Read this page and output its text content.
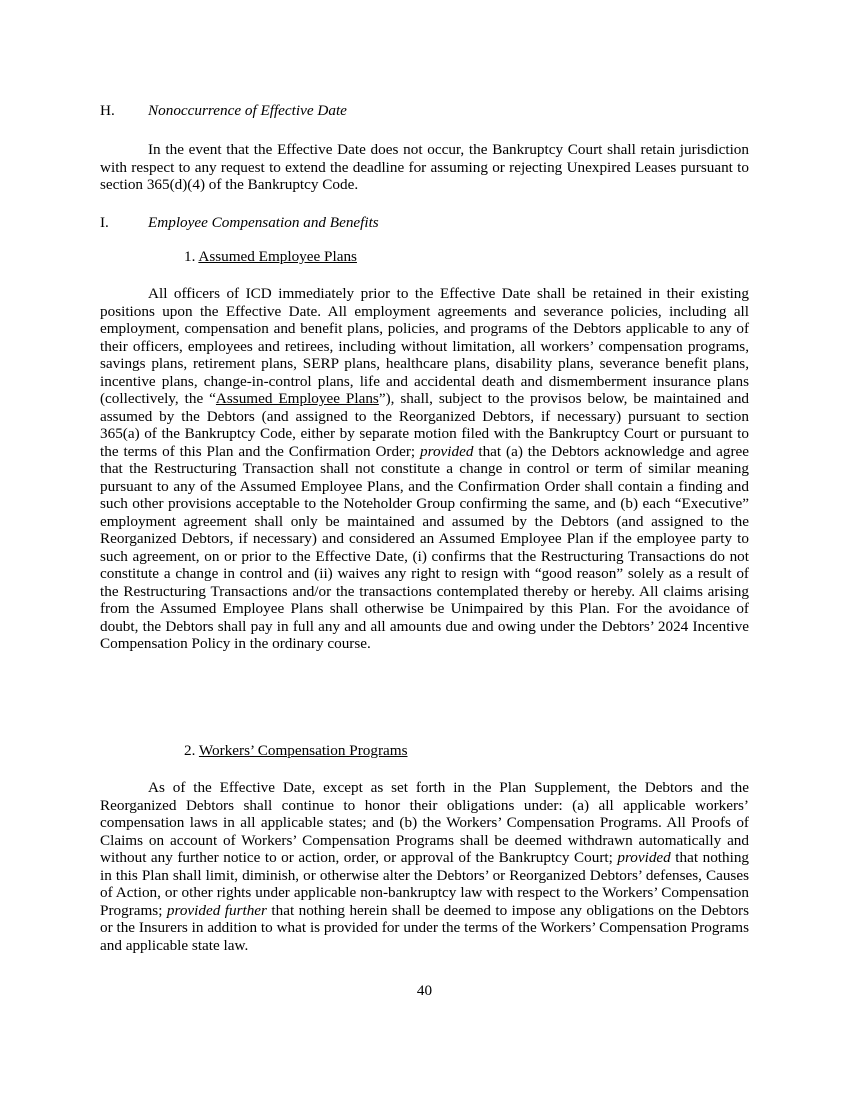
H. Nonoccurrence of Effective Date

In the event that the Effective Date does not occur, the Bankruptcy Court shall retain jurisdiction with respect to any request to extend the deadline for assuming or rejecting Unexpired Leases pursuant to section 365(d)(4) of the Bankruptcy Code.

I.	Employee Compensation and Benefits
1. Assumed Employee Plans

All officers of ICD immediately prior to the Effective Date shall be retained in their existing positions upon the Effective Date. All employment agreements and severance policies, including all employment, compensation and benefit plans, policies, and programs of the Debtors applicable to any of their officers, employees and retirees, including without limitation, all workers’ compensation programs, savings plans, retirement plans, SERP plans, healthcare plans, disability plans, severance benefit plans, incentive plans, change-in-control plans, life and accidental death and dismemberment insurance plans (collectively, the “Assumed Employee Plans”), shall, subject to the provisos below, be maintained and assumed by the Debtors (and assigned to the Reorganized Debtors, if necessary) pursuant to section 365(a) of the Bankruptcy Code, either by separate motion filed with the Bankruptcy Court or pursuant to the terms of this Plan and the Confirmation Order; provided that (a) the Debtors acknowledge and agree that the Restructuring Transaction shall not constitute a change in control or term of similar meaning pursuant to any of the Assumed Employee Plans, and the Confirmation Order shall contain a finding and such other provisions acceptable to the Noteholder Group confirming the same, and (b) each “Executive” employment agreement shall only be maintained and assumed by the Debtors (and assigned to the Reorganized Debtors, if necessary) and considered an Assumed Employee Plan if the employee party to such agreement, on or prior to the Effective Date, (i) confirms that the Restructuring Transactions do not constitute a change in control and (ii) waives any right to resign with “good reason” solely as a result of the Restructuring Transactions and/or the transactions contemplated thereby or hereby. All claims arising from the Assumed Employee Plans shall otherwise be Unimpaired by this Plan. For the avoidance of doubt, the Debtors shall pay in full any and all amounts due and owing under the Debtors’ 2024 Incentive Compensation Policy in the ordinary course.

2. Workers’ Compensation Programs

As of the Effective Date, except as set forth in the Plan Supplement, the Debtors and the Reorganized Debtors shall continue to honor their obligations under: (a) all applicable workers’ compensation laws in all applicable states; and (b) the Workers’ Compensation Programs. All Proofs of Claims on account of Workers’ Compensation Programs shall be deemed withdrawn automatically and without any further notice to or action, order, or approval of the Bankruptcy Court; provided that nothing in this Plan shall limit, diminish, or otherwise alter the Debtors’ or Reorganized Debtors’ defenses, Causes of Action, or other rights under applicable non-bankruptcy law with respect to the Workers’ Compensation Programs; provided further that nothing herein shall be deemed to impose any obligations on the Debtors or the Insurers in addition to what is provided for under the terms of the Workers’ Compensation Programs and applicable state law.

40
